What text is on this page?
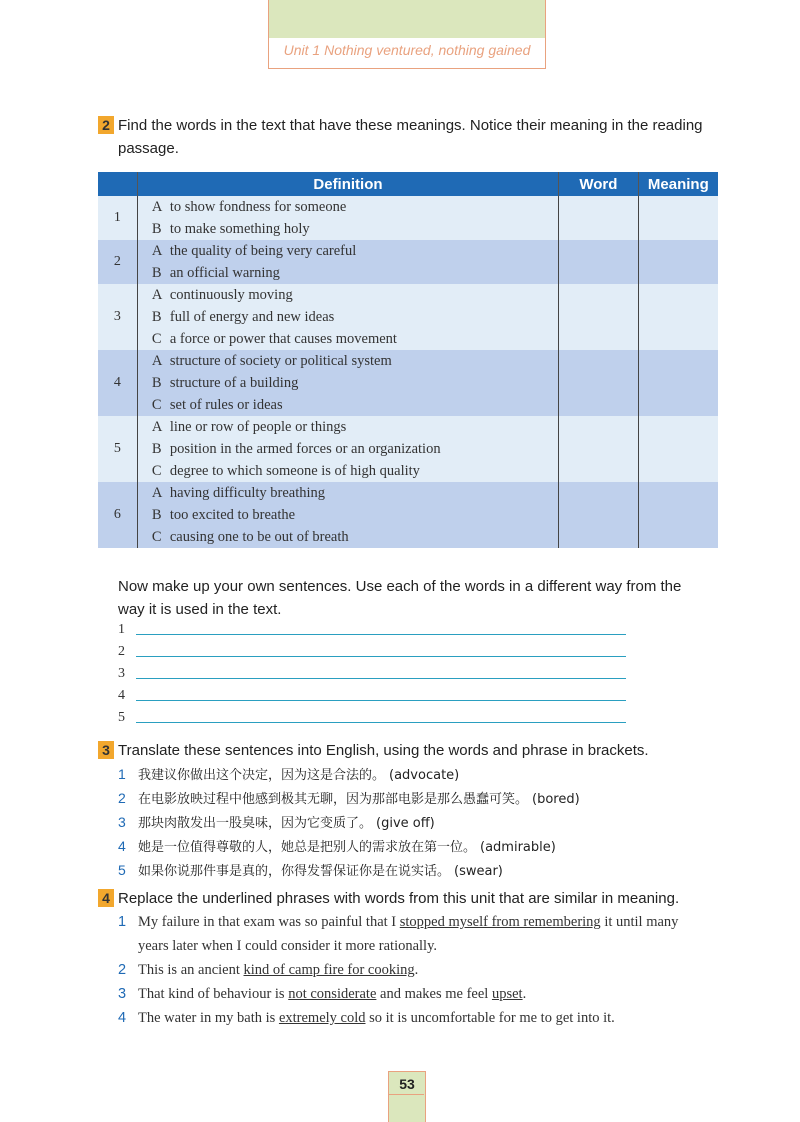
Unit 1 Nothing ventured, nothing gained
2 Find the words in the text that have these meanings. Notice their meaning in the reading
passage.
	Definition	Word	Meaning
1	A to show fondness for someone
B to make something holy		

2	A the quality of being very careful
B an official warning		

3	A continuously moving
B full of energy and new ideas
C a force or power that causes movement		

4	A structure of society or political system
B structure of a building
C set of rules or ideas		

5	A line or row of people or things
B position in the armed forces or an organization
C degree to which someone is of high quality		

6	A having difficulty breathing
B too excited to breathe
C causing one to be out of breath		

Now make up your own sentences. Use each of the words in a different way from the
way it is used in the text.
1
2
3
4
5
3 Translate these sentences into English, using the words and phrase in brackets.
1 我建议你做出这个决定，因为这是合法的。 (advocate)
2 在电影放映过程中他感到极其无聊，因为那部电影是那么愚蠢可笑。 (bored)
3 那块肉散发出一股臭味，因为它变质了。 (give off)
4 她是一位值得尊敬的人，她总是把别人的需求放在第一位。 (admirable)
5 如果你说那件事是真的，你得发誓保证你是在说实话。 (swear)
4 Replace the underlined phrases with words from this unit that are similar in meaning.
1 My failure in that exam was so painful that I stopped myself from remembering it until many
years later when I could consider it more rationally.
2 This is an ancient kind of camp fire for cooking.
3 That kind of behaviour is not considerate and makes me feel upset.
4 The water in my bath is extremely cold so it is uncomfortable for me to get into it.
53
